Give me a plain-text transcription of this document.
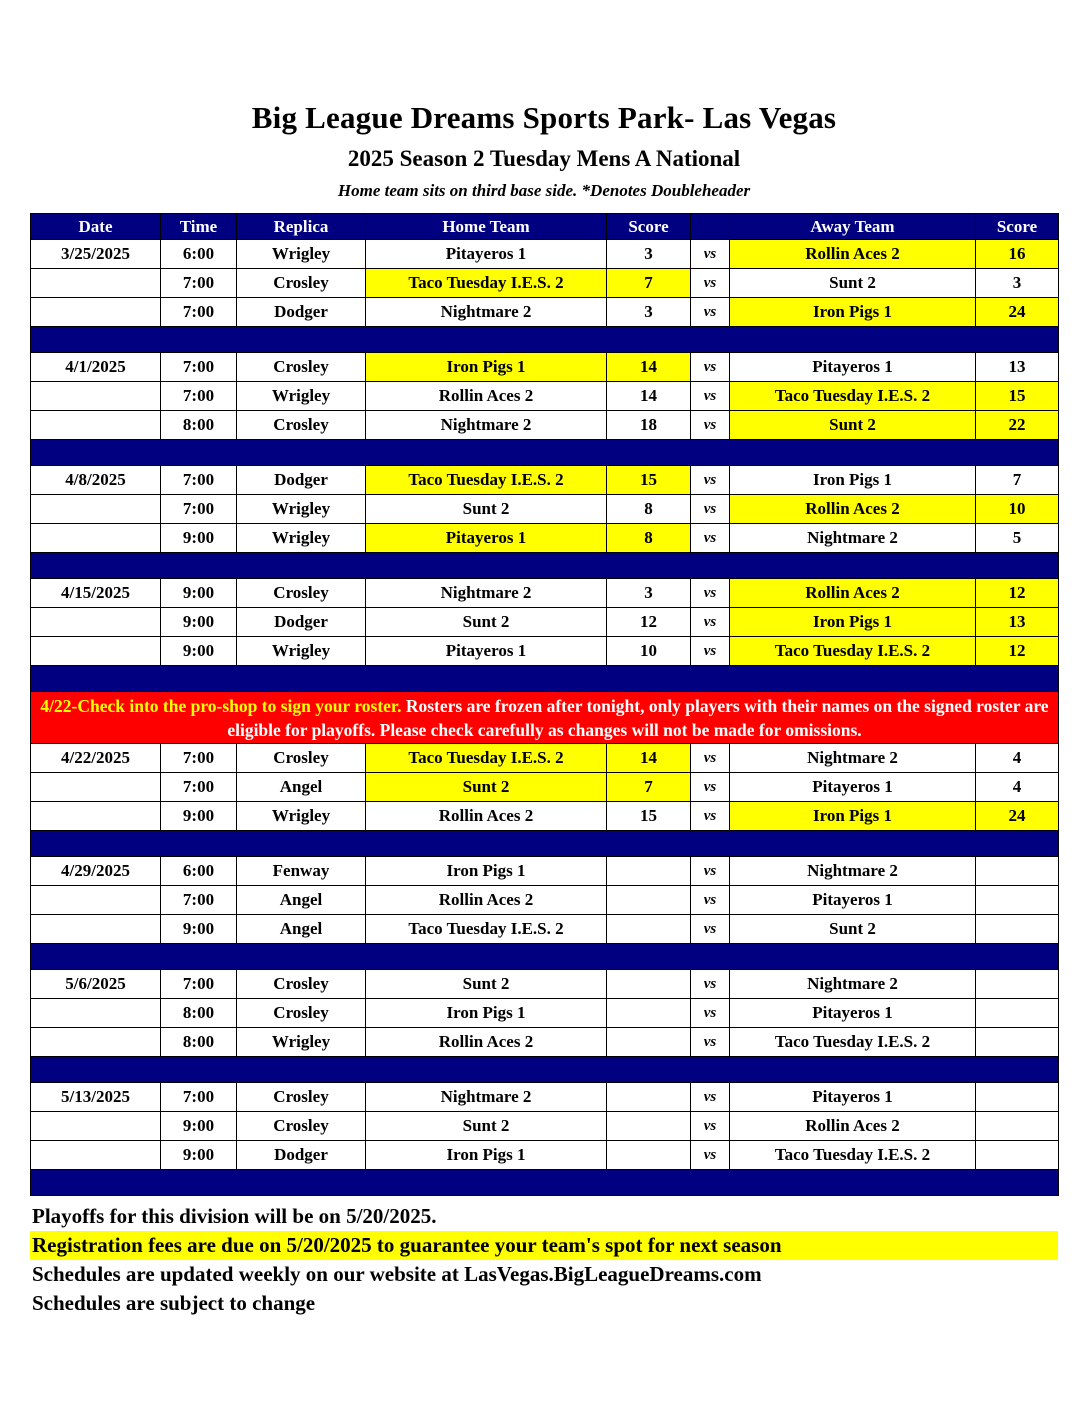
Big League Dreams Sports Park- Las Vegas
2025 Season 2 Tuesday Mens A National
Home team sits on third base side. *Denotes Doubleheader
Date	Time	Replica	Home Team	Score		Away Team	Score
3/25/2025	6:00	Wrigley	Pitayeros 1	3	vs	Rollin Aces 2	16
	7:00	Crosley	Taco Tuesday I.E.S. 2	7	vs	Sunt 2	3
	7:00	Dodger	Nightmare 2	3	vs	Iron Pigs 1	24

4/1/2025	7:00	Crosley	Iron Pigs 1	14	vs	Pitayeros 1	13
	7:00	Wrigley	Rollin Aces 2	14	vs	Taco Tuesday I.E.S. 2	15
	8:00	Crosley	Nightmare 2	18	vs	Sunt 2	22

4/8/2025	7:00	Dodger	Taco Tuesday I.E.S. 2	15	vs	Iron Pigs 1	7
	7:00	Wrigley	Sunt 2	8	vs	Rollin Aces 2	10
	9:00	Wrigley	Pitayeros 1	8	vs	Nightmare 2	5

4/15/2025	9:00	Crosley	Nightmare 2	3	vs	Rollin Aces 2	12
	9:00	Dodger	Sunt 2	12	vs	Iron Pigs 1	13
	9:00	Wrigley	Pitayeros 1	10	vs	Taco Tuesday I.E.S. 2	12

4/22-Check into the pro-shop to sign your roster. Rosters are frozen after tonight, only players with their names on the signed roster are eligible for playoffs. Please check carefully as changes will not be made for omissions.							
4/22/2025	7:00	Crosley	Taco Tuesday I.E.S. 2	14	vs	Nightmare 2	4
	7:00	Angel	Sunt 2	7	vs	Pitayeros 1	4
	9:00	Wrigley	Rollin Aces 2	15	vs	Iron Pigs 1	24

4/29/2025	6:00	Fenway	Iron Pigs 1		vs	Nightmare 2	
	7:00	Angel	Rollin Aces 2		vs	Pitayeros 1	
	9:00	Angel	Taco Tuesday I.E.S. 2		vs	Sunt 2	

5/6/2025	7:00	Crosley	Sunt 2		vs	Nightmare 2	
	8:00	Crosley	Iron Pigs 1		vs	Pitayeros 1	
	8:00	Wrigley	Rollin Aces 2		vs	Taco Tuesday I.E.S. 2	

5/13/2025	7:00	Crosley	Nightmare 2		vs	Pitayeros 1	
	9:00	Crosley	Sunt 2		vs	Rollin Aces 2	
	9:00	Dodger	Iron Pigs 1		vs	Taco Tuesday I.E.S. 2	

Playoffs for this division will be on 5/20/2025.
Registration fees are due on 5/20/2025 to guarantee your team's spot for next season
Schedules are updated weekly on our website at LasVegas.BigLeagueDreams.com
Schedules are subject to change
